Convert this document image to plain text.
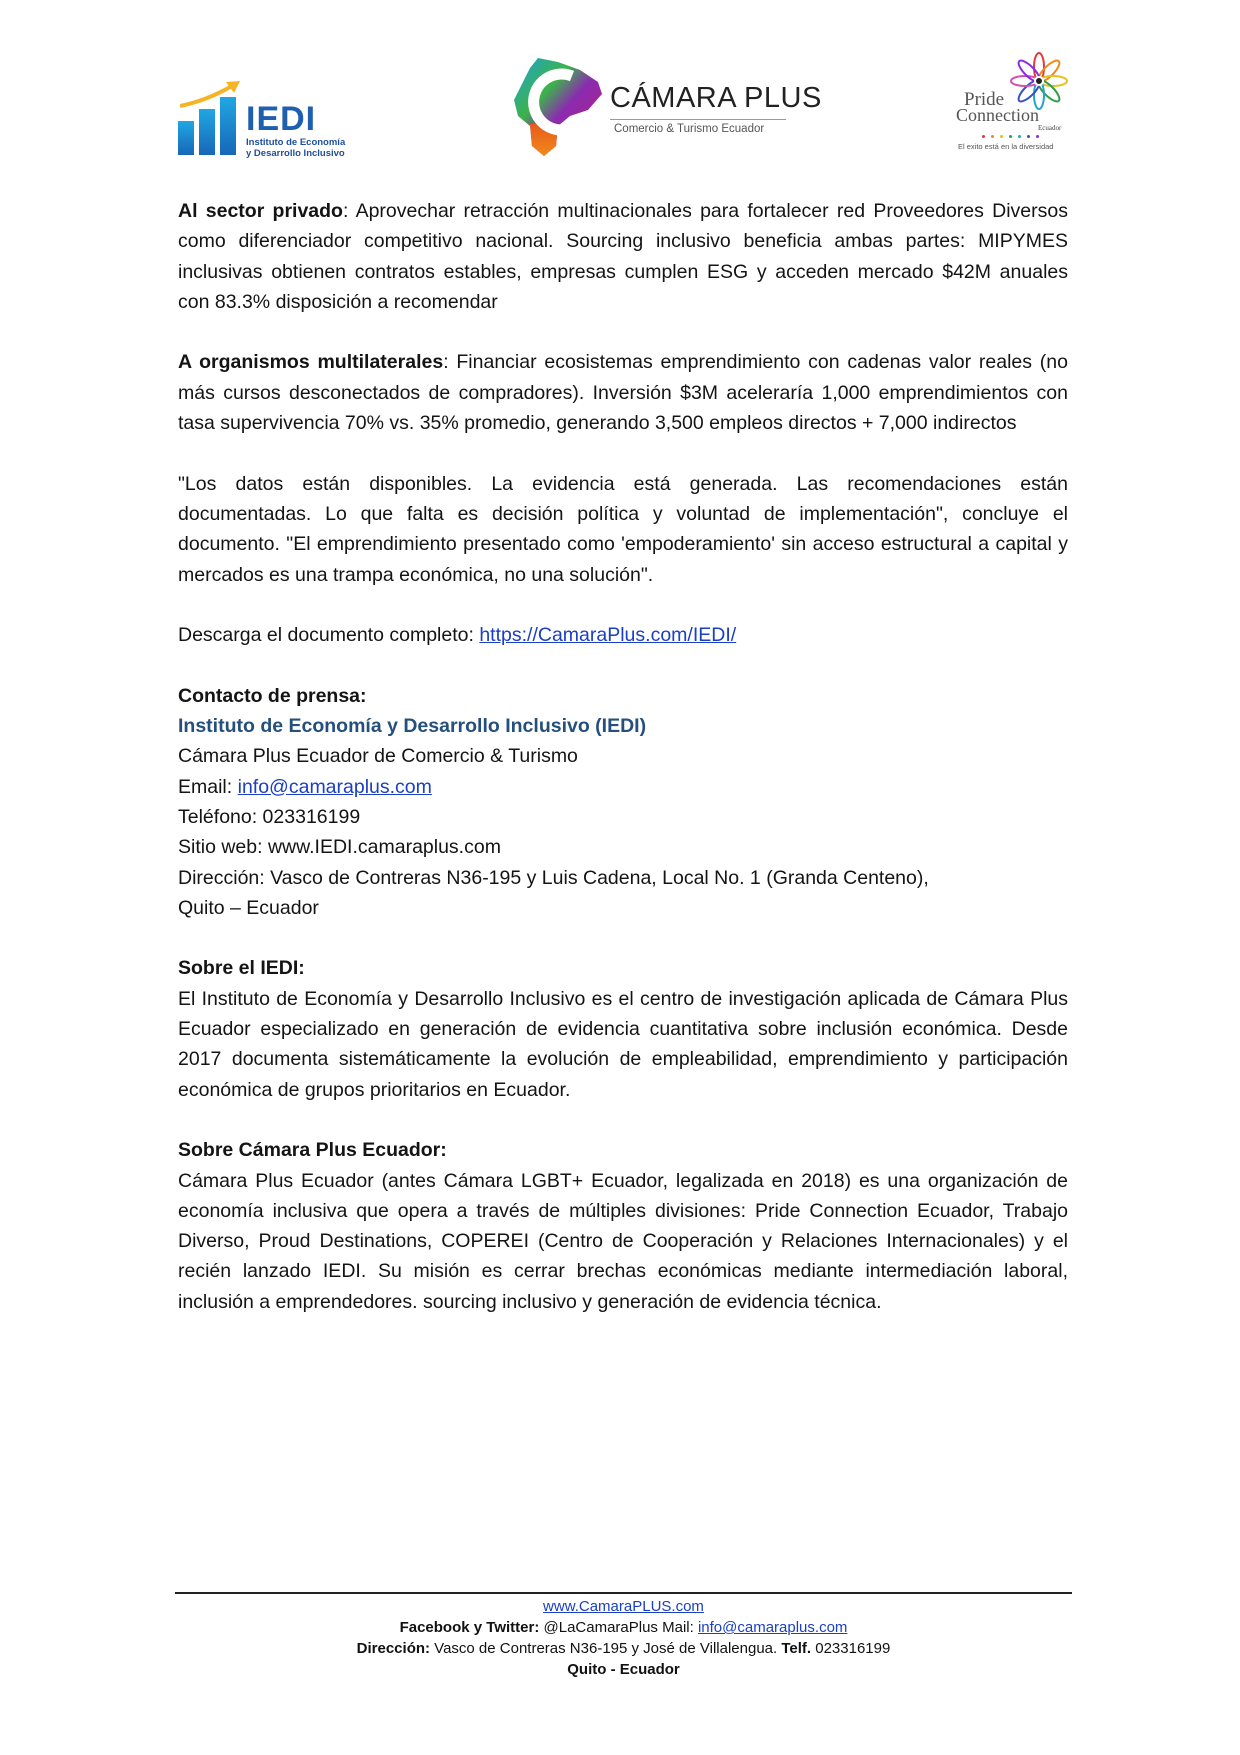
IEDI
Instituto de Economía
y Desarrollo Inclusivo
CÁMARA PLUS
Comercio & Turismo Ecuador
Pride
Connection
Ecuador
El exito está en la diversidad

Al sector privado: Aprovechar retracción multinacionales para fortalecer red Proveedores Diversos como diferenciador competitivo nacional. Sourcing inclusivo beneficia ambas partes: MIPYMES inclusivas obtienen contratos estables, empresas cumplen ESG y acceden mercado $42M anuales con 83.3% disposición a recomendar

A organismos multilaterales: Financiar ecosistemas emprendimiento con cadenas valor reales (no más cursos desconectados de compradores). Inversión $3M aceleraría 1,000 emprendimientos con tasa supervivencia 70% vs. 35% promedio, generando 3,500 empleos directos + 7,000 indirectos

"Los datos están disponibles. La evidencia está generada. Las recomendaciones están documentadas. Lo que falta es decisión política y voluntad de implementación", concluye el documento. "El emprendimiento presentado como 'empoderamiento' sin acceso estructural a capital y mercados es una trampa económica, no una solución".

Descarga el documento completo: https://CamaraPlus.com/IEDI/

Contacto de prensa:

Instituto de Economía y Desarrollo Inclusivo (IEDI)

Cámara Plus Ecuador de Comercio & Turismo

Email: info@camaraplus.com

Teléfono: 023316199

Sitio web: www.IEDI.camaraplus.com

Dirección: Vasco de Contreras N36-195 y Luis Cadena, Local No. 1 (Granda Centeno),

Quito – Ecuador

Sobre el IEDI:

El Instituto de Economía y Desarrollo Inclusivo es el centro de investigación aplicada de Cámara Plus Ecuador especializado en generación de evidencia cuantitativa sobre inclusión económica. Desde 2017 documenta sistemáticamente la evolución de empleabilidad, emprendimiento y participación económica de grupos prioritarios en Ecuador.

Sobre Cámara Plus Ecuador:

Cámara Plus Ecuador (antes Cámara LGBT+ Ecuador, legalizada en 2018) es una organización de economía inclusiva que opera a través de múltiples divisiones: Pride Connection Ecuador, Trabajo Diverso, Proud Destinations, COPEREI (Centro de Cooperación y Relaciones Internacionales) y el recién lanzado IEDI. Su misión es cerrar brechas económicas mediante intermediación laboral, inclusión a emprendedores. sourcing inclusivo y generación de evidencia técnica.

www.CamaraPLUS.com
Facebook y Twitter: @LaCamaraPlus Mail: info@camaraplus.com
Dirección: Vasco de Contreras N36-195 y José de Villalengua. Telf. 023316199
Quito - Ecuador
